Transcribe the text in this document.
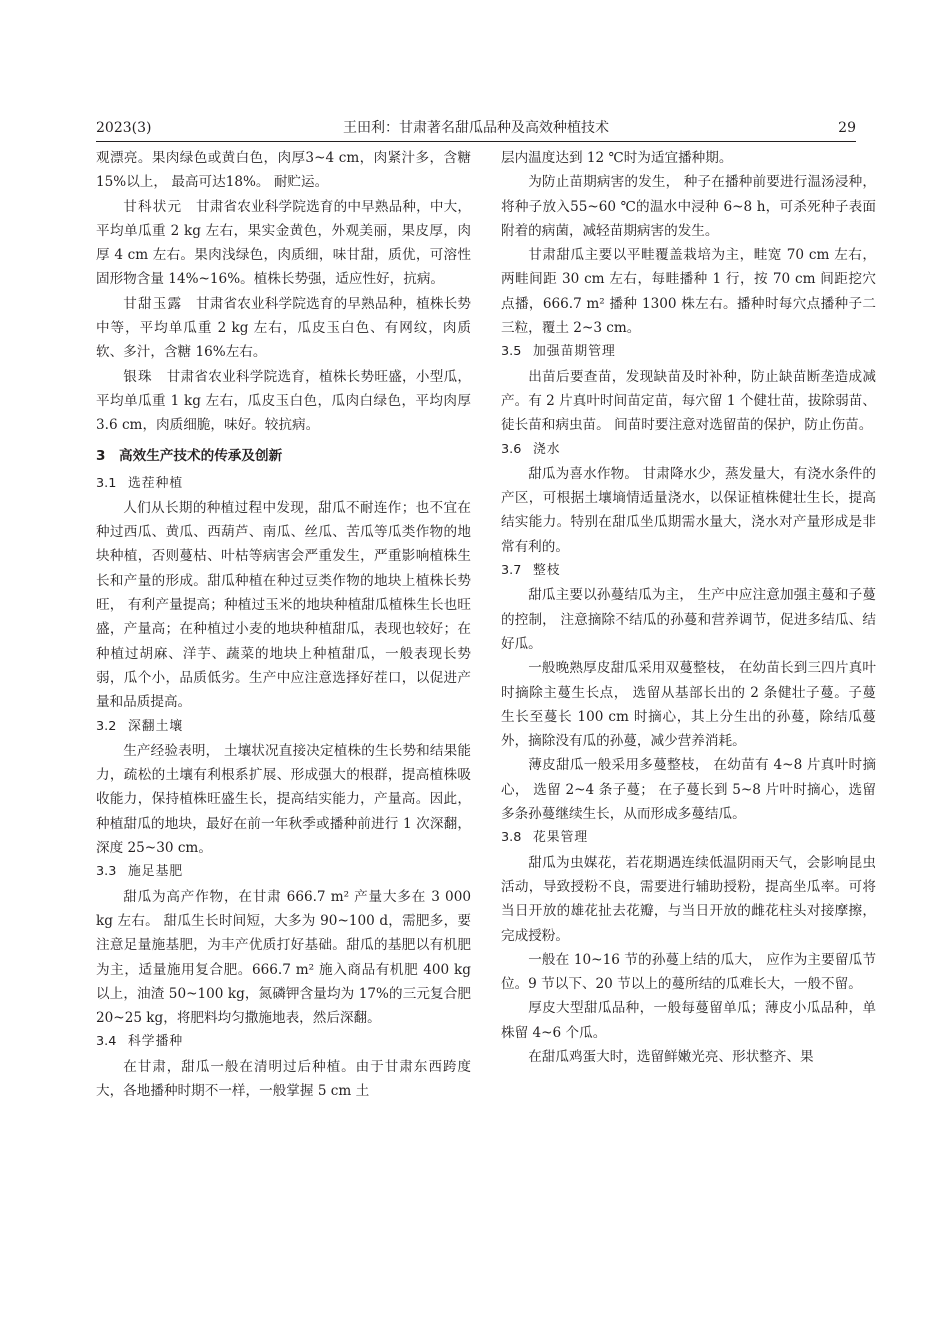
王田利：甘肃著名甜瓜品种及高效种植技术
2023(3)	29

观漂亮。果肉绿色或黄白色，肉厚3~4 cm，肉紧汁多，含糖15%以上， 最高可达18%。 耐贮运。

甘科状元　 甘肃省农业科学院选育的中早熟品种，中大，平均单瓜重 2 kg 左右，果实金黄色，外观美丽，果皮厚，肉厚 4 cm 左右。果肉浅绿色，肉质细，味甘甜，质优，可溶性固形物含量 14%~16%。植株长势强，适应性好，抗病。

甘甜玉露　 甘肃省农业科学院选育的早熟品种，植株长势中等，平均单瓜重 2 kg 左右，瓜皮玉白色、有网纹，肉质软、多汁，含糖 16%左右。

银珠　 甘肃省农业科学院选育，植株长势旺盛，小型瓜，平均单瓜重 1 kg 左右，瓜皮玉白色，瓜肉白绿色，平均肉厚 3.6 cm，肉质细脆，味好。较抗病。

3　高效生产技术的传承及创新
3.1 选茬种植

人们从长期的种植过程中发现，甜瓜不耐连作；也不宜在种过西瓜、黄瓜、西葫芦、南瓜、丝瓜、苦瓜等瓜类作物的地块种植，否则蔓枯、叶枯等病害会严重发生，严重影响植株生长和产量的形成。甜瓜种植在种过豆类作物的地块上植株长势旺， 有利产量提高；种植过玉米的地块种植甜瓜植株生长也旺盛，产量高；在种植过小麦的地块种植甜瓜，表现也较好；在种植过胡麻、洋芋、蔬菜的地块上种植甜瓜，一般表现长势弱，瓜个小，品质低劣。生产中应注意选择好茬口，以促进产量和品质提高。

3.2 深翻土壤

生产经验表明， 土壤状况直接决定植株的生长势和结果能力，疏松的土壤有利根系扩展、形成强大的根群，提高植株吸收能力，保持植株旺盛生长，提高结实能力，产量高。因此，种植甜瓜的地块，最好在前一年秋季或播种前进行 1 次深翻，深度 25~30 cm。

3.3 施足基肥

甜瓜为高产作物，在甘肃 666.7 m² 产量大多在 3 000 kg 左右。 甜瓜生长时间短，大多为 90~100 d，需肥多，要注意足量施基肥，为丰产优质打好基础。甜瓜的基肥以有机肥为主，适量施用复合肥。666.7 m² 施入商品有机肥 400 kg 以上，油渣 50~100 kg，氮磷钾含量均为 17%的三元复合肥 20~25 kg，将肥料均匀撒施地表，然后深翻。

3.4 科学播种

在甘肃，甜瓜一般在清明过后种植。由于甘肃东西跨度大，各地播种时期不一样，一般掌握 5 cm 土

层内温度达到 12 ℃时为适宜播种期。

为防止苗期病害的发生， 种子在播种前要进行温汤浸种，将种子放入55~60 ℃的温水中浸种 6~8 h，可杀死种子表面附着的病菌，减轻苗期病害的发生。

甘肃甜瓜主要以平畦覆盖栽培为主，畦宽 70 cm 左右，两畦间距 30 cm 左右，每畦播种 1 行，按 70 cm 间距挖穴点播，666.7 m² 播种 1300 株左右。播种时每穴点播种子二三粒，覆土 2~3 cm。

3.5 加强苗期管理

出苗后要查苗，发现缺苗及时补种，防止缺苗断垄造成减产。有 2 片真叶时间苗定苗，每穴留 1 个健壮苗，拔除弱苗、徒长苗和病虫苗。 间苗时要注意对选留苗的保护，防止伤苗。

3.6 浇水

甜瓜为喜水作物。 甘肃降水少，蒸发量大，有浇水条件的产区，可根据土壤墒情适量浇水，以保证植株健壮生长，提高结实能力。特别在甜瓜坐瓜期需水量大，浇水对产量形成是非常有利的。

3.7 整枝

甜瓜主要以孙蔓结瓜为主， 生产中应注意加强主蔓和子蔓的控制， 注意摘除不结瓜的孙蔓和营养调节，促进多结瓜、结好瓜。

一般晚熟厚皮甜瓜采用双蔓整枝， 在幼苗长到三四片真叶时摘除主蔓生长点， 选留从基部长出的 2 条健壮子蔓。子蔓生长至蔓长 100 cm 时摘心，其上分生出的孙蔓，除结瓜蔓外，摘除没有瓜的孙蔓，减少营养消耗。

薄皮甜瓜一般采用多蔓整枝， 在幼苗有 4~8 片真叶时摘心， 选留 2~4 条子蔓； 在子蔓长到 5~8 片叶时摘心，选留多条孙蔓继续生长，从而形成多蔓结瓜。

3.8 花果管理

甜瓜为虫媒花，若花期遇连续低温阴雨天气，会影响昆虫活动，导致授粉不良，需要进行辅助授粉，提高坐瓜率。可将当日开放的雄花扯去花瓣，与当日开放的雌花柱头对接摩擦，完成授粉。

一般在 10~16 节的孙蔓上结的瓜大， 应作为主要留瓜节位。9 节以下、20 节以上的蔓所结的瓜难长大，一般不留。

厚皮大型甜瓜品种，一般每蔓留单瓜；薄皮小瓜品种，单株留 4~6 个瓜。

在甜瓜鸡蛋大时，选留鲜嫩光亮、形状整齐、果
